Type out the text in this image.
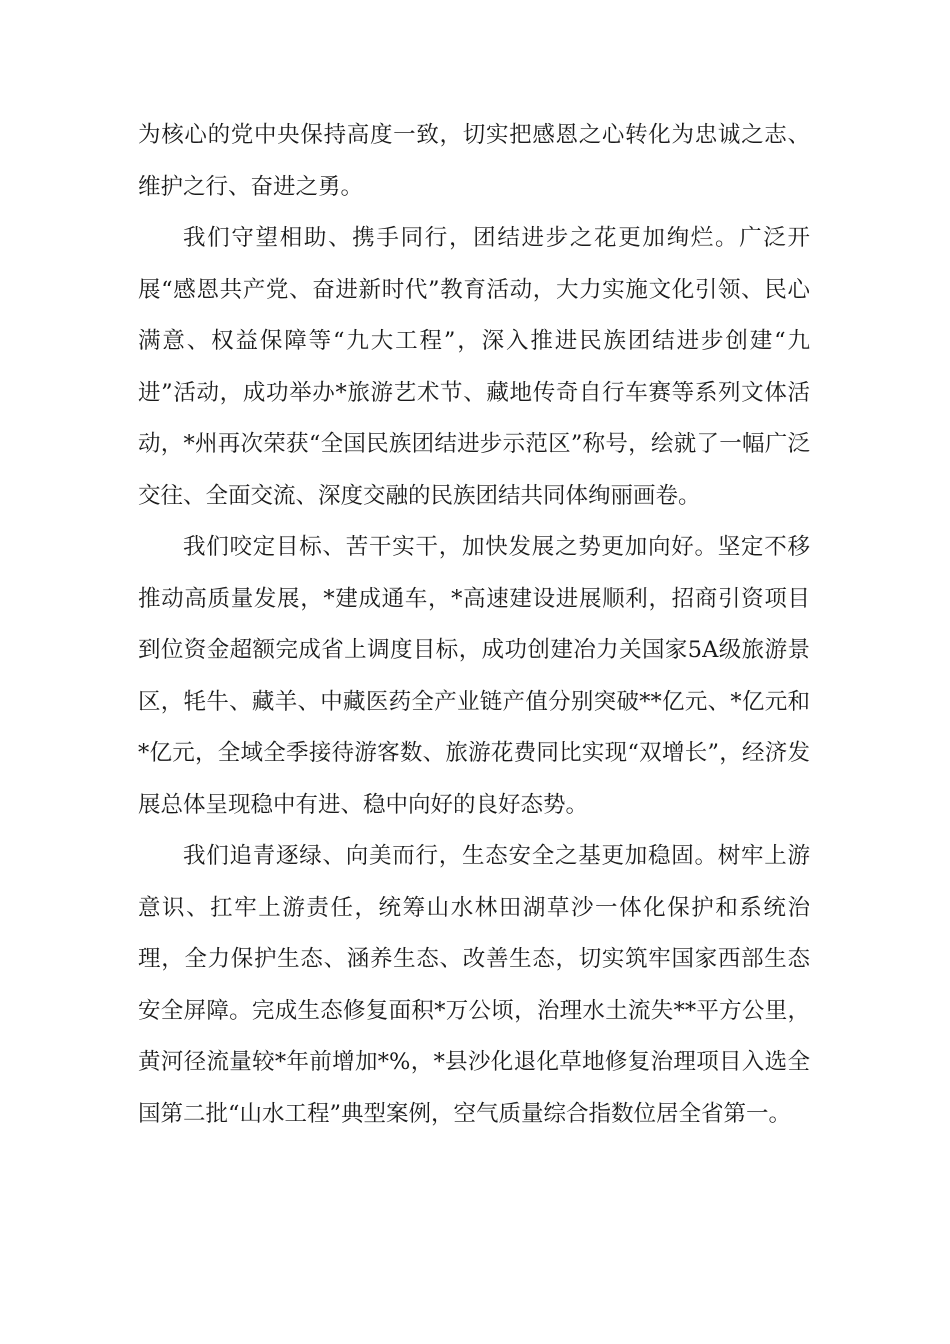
为核心的党中央保持高度一致，切实把感恩之心转化为忠诚之志、维护之行、奋进之勇。

我们守望相助、携手同行，团结进步之花更加绚烂。广泛开展“感恩共产党、奋进新时代”教育活动，大力实施文化引领、民心满意、权益保障等“九大工程”，深入推进民族团结进步创建“九进”活动，成功举办*旅游艺术节、藏地传奇自行车赛等系列文体活动，*州再次荣获“全国民族团结进步示范区”称号，绘就了一幅广泛交往、全面交流、深度交融的民族团结共同体绚丽画卷。

我们咬定目标、苦干实干，加快发展之势更加向好。坚定不移推动高质量发展，*建成通车，*高速建设进展顺利，招商引资项目到位资金超额完成省上调度目标，成功创建冶力关国家5A级旅游景区，牦牛、藏羊、中藏医药全产业链产值分别突破**亿元、*亿元和*亿元，全域全季接待游客数、旅游花费同比实现“双增长”，经济发展总体呈现稳中有进、稳中向好的良好态势。

我们追青逐绿、向美而行，生态安全之基更加稳固。树牢上游意识、扛牢上游责任，统筹山水林田湖草沙一体化保护和系统治理，全力保护生态、涵养生态、改善生态，切实筑牢国家西部生态安全屏障。完成生态修复面积*万公顷，治理水土流失**平方公里，黄河径流量较*年前增加*%，*县沙化退化草地修复治理项目入选全国第二批“山水工程”典型案例，空气质量综合指数位居全省第一。
